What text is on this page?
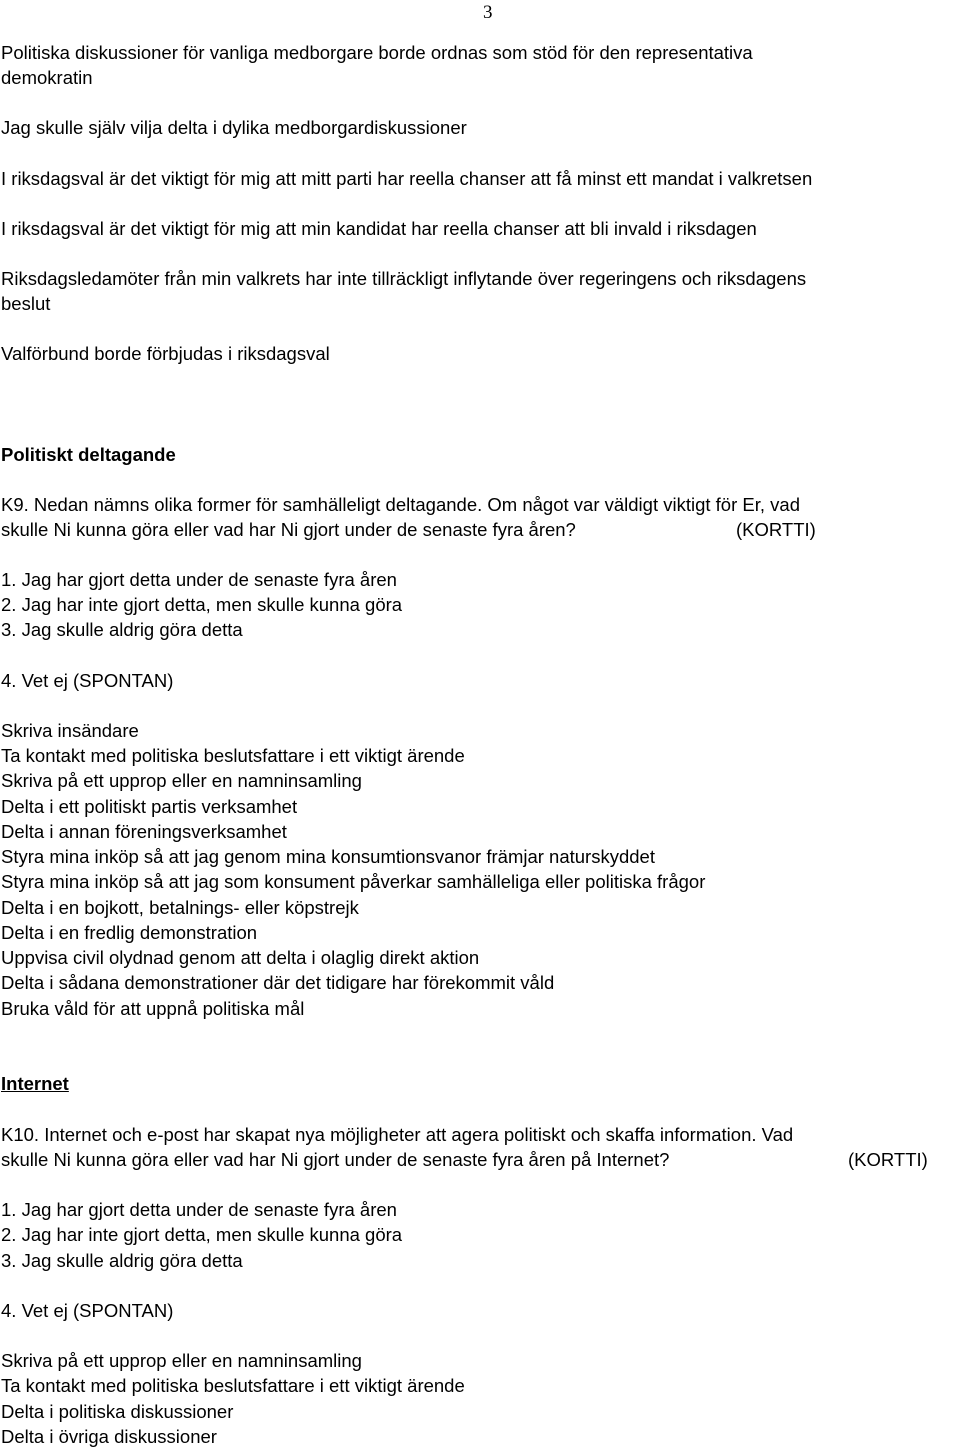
3
Politiska diskussioner för vanliga medborgare borde ordnas som stöd för den representativa
demokratin
Jag skulle själv vilja delta i dylika medborgardiskussioner
I riksdagsval är det viktigt för mig att mitt parti har reella chanser att få minst ett mandat i valkretsen
I riksdagsval är det viktigt för mig att min kandidat har reella chanser att bli invald i riksdagen
Riksdagsledamöter från min valkrets har inte tillräckligt inflytande över regeringens och riksdagens
beslut
Valförbund borde förbjudas i riksdagsval
Politiskt deltagande
K9. Nedan nämns olika former för samhälleligt deltagande. Om något var väldigt viktigt för Er, vad
skulle Ni kunna göra eller vad har Ni gjort under de senaste fyra åren?	(KORTTI)
1. Jag har gjort detta under de senaste fyra åren
2. Jag har inte gjort detta, men skulle kunna göra
3. Jag skulle aldrig göra detta
4. Vet ej (SPONTAN)
Skriva insändare
Ta kontakt med politiska beslutsfattare i ett viktigt ärende
Skriva på ett upprop eller en namninsamling
Delta i ett politiskt partis verksamhet
Delta i annan föreningsverksamhet
Styra mina inköp så att jag genom mina konsumtionsvanor främjar naturskyddet
Styra mina inköp så att jag som konsument påverkar samhälleliga eller politiska frågor
Delta i en bojkott, betalnings- eller köpstrejk
Delta i en fredlig demonstration
Uppvisa civil olydnad genom att delta i olaglig direkt aktion
Delta i sådana demonstrationer där det tidigare har förekommit våld
Bruka våld för att uppnå politiska mål
Internet
K10. Internet och e-post har skapat nya möjligheter att agera politiskt och skaffa information. Vad
skulle Ni kunna göra eller vad har Ni gjort under de senaste fyra åren på Internet?	(KORTTI)
1. Jag har gjort detta under de senaste fyra åren
2. Jag har inte gjort detta, men skulle kunna göra
3. Jag skulle aldrig göra detta
4. Vet ej (SPONTAN)
Skriva på ett upprop eller en namninsamling
Ta kontakt med politiska beslutsfattare i ett viktigt ärende
Delta i politiska diskussioner
Delta i övriga diskussioner
